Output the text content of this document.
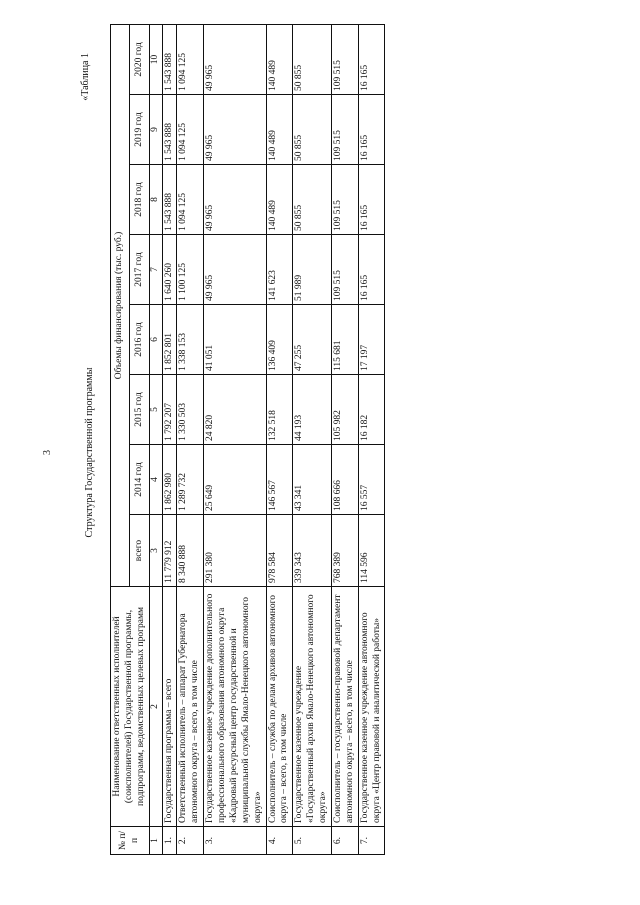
3
«Таблица 1
Структура Государственной программы
№ п/п	Наименование ответственных исполнителей (соисполнителей) Государственной программы, подпрограмм, ведомственных целевых программ	Объемы финансирования (тыс. руб.)							
		всего	2014 год	2015 год	2016 год	2017 год	2018 год	2019 год	2020 год
1	2	3	4	5	6	7	8	9	10
1.	Государственная программа – всего	11 779 912	1 862 980	1 792 207	1 852 801	1 640 260	1 543 888	1 543 888	1 543 888

2.	Ответственный исполнитель – аппарат Губернатора автономного округа – всего, в том числе	8 340 888	1 289 732	1 330 503	1 338 153	1 100 125	1 094 125	1 094 125	1 094 125

3.	Государственное казенное учреждение дополнительного профессионального образования автономного округа «Кадровый ресурсный центр государственной и муниципальной службы Ямало-Ненецкого автономного округа»	291 380	25 649	24 820	41 051	49 965	49 965	49 965	49 965

4.	Соисполнитель – служба по делам архивов автономного округа – всего, в том числе	978 584	146 567	132 518	136 409	141 623	140 489	140 489	140 489

5.	Государственное казенное учреждение «Государственный архив Ямало-Ненецкого автономного округа»	339 343	43 341	44 193	47 255	51 989	50 855	50 855	50 855

6.	Соисполнитель – государственно-правовой департамент автономного округа – всего, в том числе	768 389	108 666	105 982	115 681	109 515	109 515	109 515	109 515

7.	Государственное казенное учреждение автономного округа «Центр правовой и аналитической работы»	114 596	16 557	16 182	17 197	16 165	16 165	16 165	16 165
